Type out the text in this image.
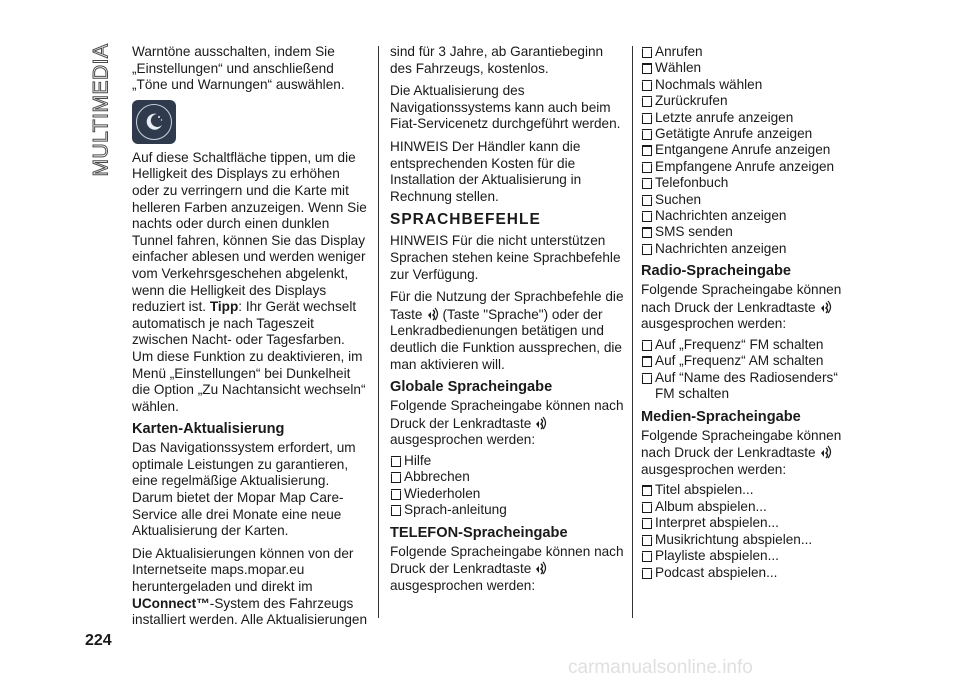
MULTIMEDIA
224

Warntöne ausschalten, indem Sie „Einstellungen“ und anschließend „Töne und Warnungen“ auswählen.

Auf diese Schaltfläche tippen, um die Helligkeit des Displays zu erhöhen oder zu verringern und die Karte mit helleren Farben anzuzeigen. Wenn Sie nachts oder durch einen dunklen Tunnel fahren, können Sie das Display einfacher ablesen und werden weniger vom Verkehrsgeschehen abgelenkt, wenn die Helligkeit des Displays reduziert ist. Tipp: Ihr Gerät wechselt automatisch je nach Tageszeit zwischen Nacht- oder Tagesfarben. Um diese Funktion zu deaktivieren, im Menü „Einstellungen“ bei Dunkelheit die Option „Zu Nachtansicht wechseln“ wählen.

Karten-Aktualisierung

Das Navigationssystem erfordert, um optimale Leistungen zu garantieren, eine regelmäßige Aktualisierung. Darum bietet der Mopar Map Care-Service alle drei Monate eine neue Aktualisierung der Karten.

Die Aktualisierungen können von der Internetseite maps.mopar.eu heruntergeladen und direkt im UConnect™-System des Fahrzeugs installiert werden. Alle Aktualisierungen

sind für 3 Jahre, ab Garantiebeginn des Fahrzeugs, kostenlos.

Die Aktualisierung des Navigationssystems kann auch beim Fiat-Servicenetz durchgeführt werden.

HINWEIS Der Händler kann die entsprechenden Kosten für die Installation der Aktualisierung in Rechnung stellen.

SPRACHBEFEHLE

HINWEIS Für die nicht unterstützen Sprachen stehen keine Sprachbefehle zur Verfügung.

Für die Nutzung der Sprachbefehle die Taste (Taste "Sprache") oder der Lenkradbedienungen betätigen und deutlich die Funktion aussprechen, die man aktivieren will.

Globale Spracheingabe

Folgende Spracheingabe können nach Druck der Lenkradtaste ausgesprochen werden:

Hilfe
Abbrechen
Wiederholen
Sprach-anleitung
TELEFON-Spracheingabe

Folgende Spracheingabe können nach Druck der Lenkradtaste ausgesprochen werden:

Anrufen
Wählen
Nochmals wählen
Zurückrufen
Letzte anrufe anzeigen
Getätigte Anrufe anzeigen
Entgangene Anrufe anzeigen
Empfangene Anrufe anzeigen
Telefonbuch
Suchen
Nachrichten anzeigen
SMS senden
Nachrichten anzeigen
Radio-Spracheingabe

Folgende Spracheingabe können nach Druck der Lenkradtaste ausgesprochen werden:

Auf „Frequenz“ FM schalten
Auf „Frequenz“ AM schalten
Auf “Name des Radiosenders“ FM schalten
Medien-Spracheingabe

Folgende Spracheingabe können nach Druck der Lenkradtaste ausgesprochen werden:

Titel abspielen...
Album abspielen...
Interpret abspielen...
Musikrichtung abspielen...
Playliste abspielen...
Podcast abspielen...
carmanualsonline.info
